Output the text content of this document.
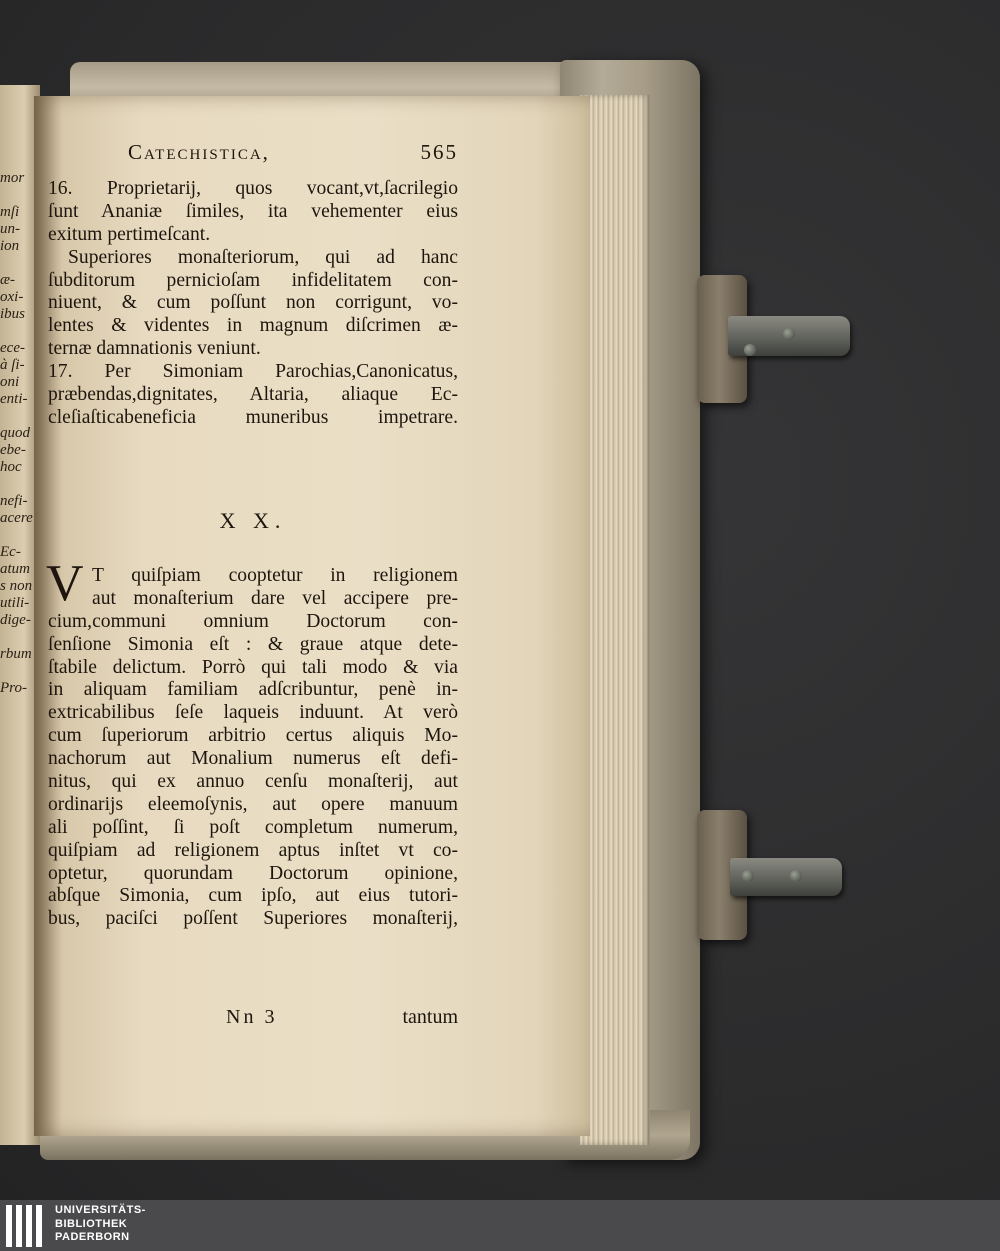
mor

mſi
un-
ion

æ-
oxi-
ibus

ece-
à ſi-
oni
enti-

quod
ebe-
hoc

nefi-
acere

Ec-
atum
s non
utili-
dige-

rbum

Pro-
Catechistica,	565
16. Proprietarij, quos vocant,vt,ſacrilegio
ſunt Ananiæ ſimiles, ita vehementer eius
exitum pertimeſcant.
Superiores monaſteriorum, qui ad hanc
ſubditorum pernicioſam infidelitatem con-
niuent, & cum poſſunt non corrigunt, vo-
lentes & videntes in magnum diſcrimen æ-
ternæ damnationis veniunt.
17. Per Simoniam Parochias,Canonicatus,
præbendas,dignitates, Altaria, aliaque Ec-
cleſiaſticabeneficia muneribus impetrare.
X X.
V T quiſpiam cooptetur in religionem
aut monaſterium dare vel accipere pre-
cium,communi omnium Doctorum con-
ſenſione Simonia eſt : & graue atque dete-
ſtabile delictum. Porrò qui tali modo & via
in aliquam familiam adſcribuntur, penè in-
extricabilibus ſeſe laqueis induunt. At verò
cum ſuperiorum arbitrio certus aliquis Mo-
nachorum aut Monalium numerus eſt defi-
nitus, qui ex annuo cenſu monaſterij, aut
ordinarijs eleemoſynis, aut opere manuum
ali poſſint, ſi poſt completum numerum,
quiſpiam ad religionem aptus inſtet vt co-
optetur, quorundam Doctorum opinione,
abſque Simonia, cum ipſo, aut eius tutori-
bus, paciſci poſſent Superiores monaſterij,
Nn 3	tantum
UNIVERSITÄTS-
BIBLIOTHEK
PADERBORN
